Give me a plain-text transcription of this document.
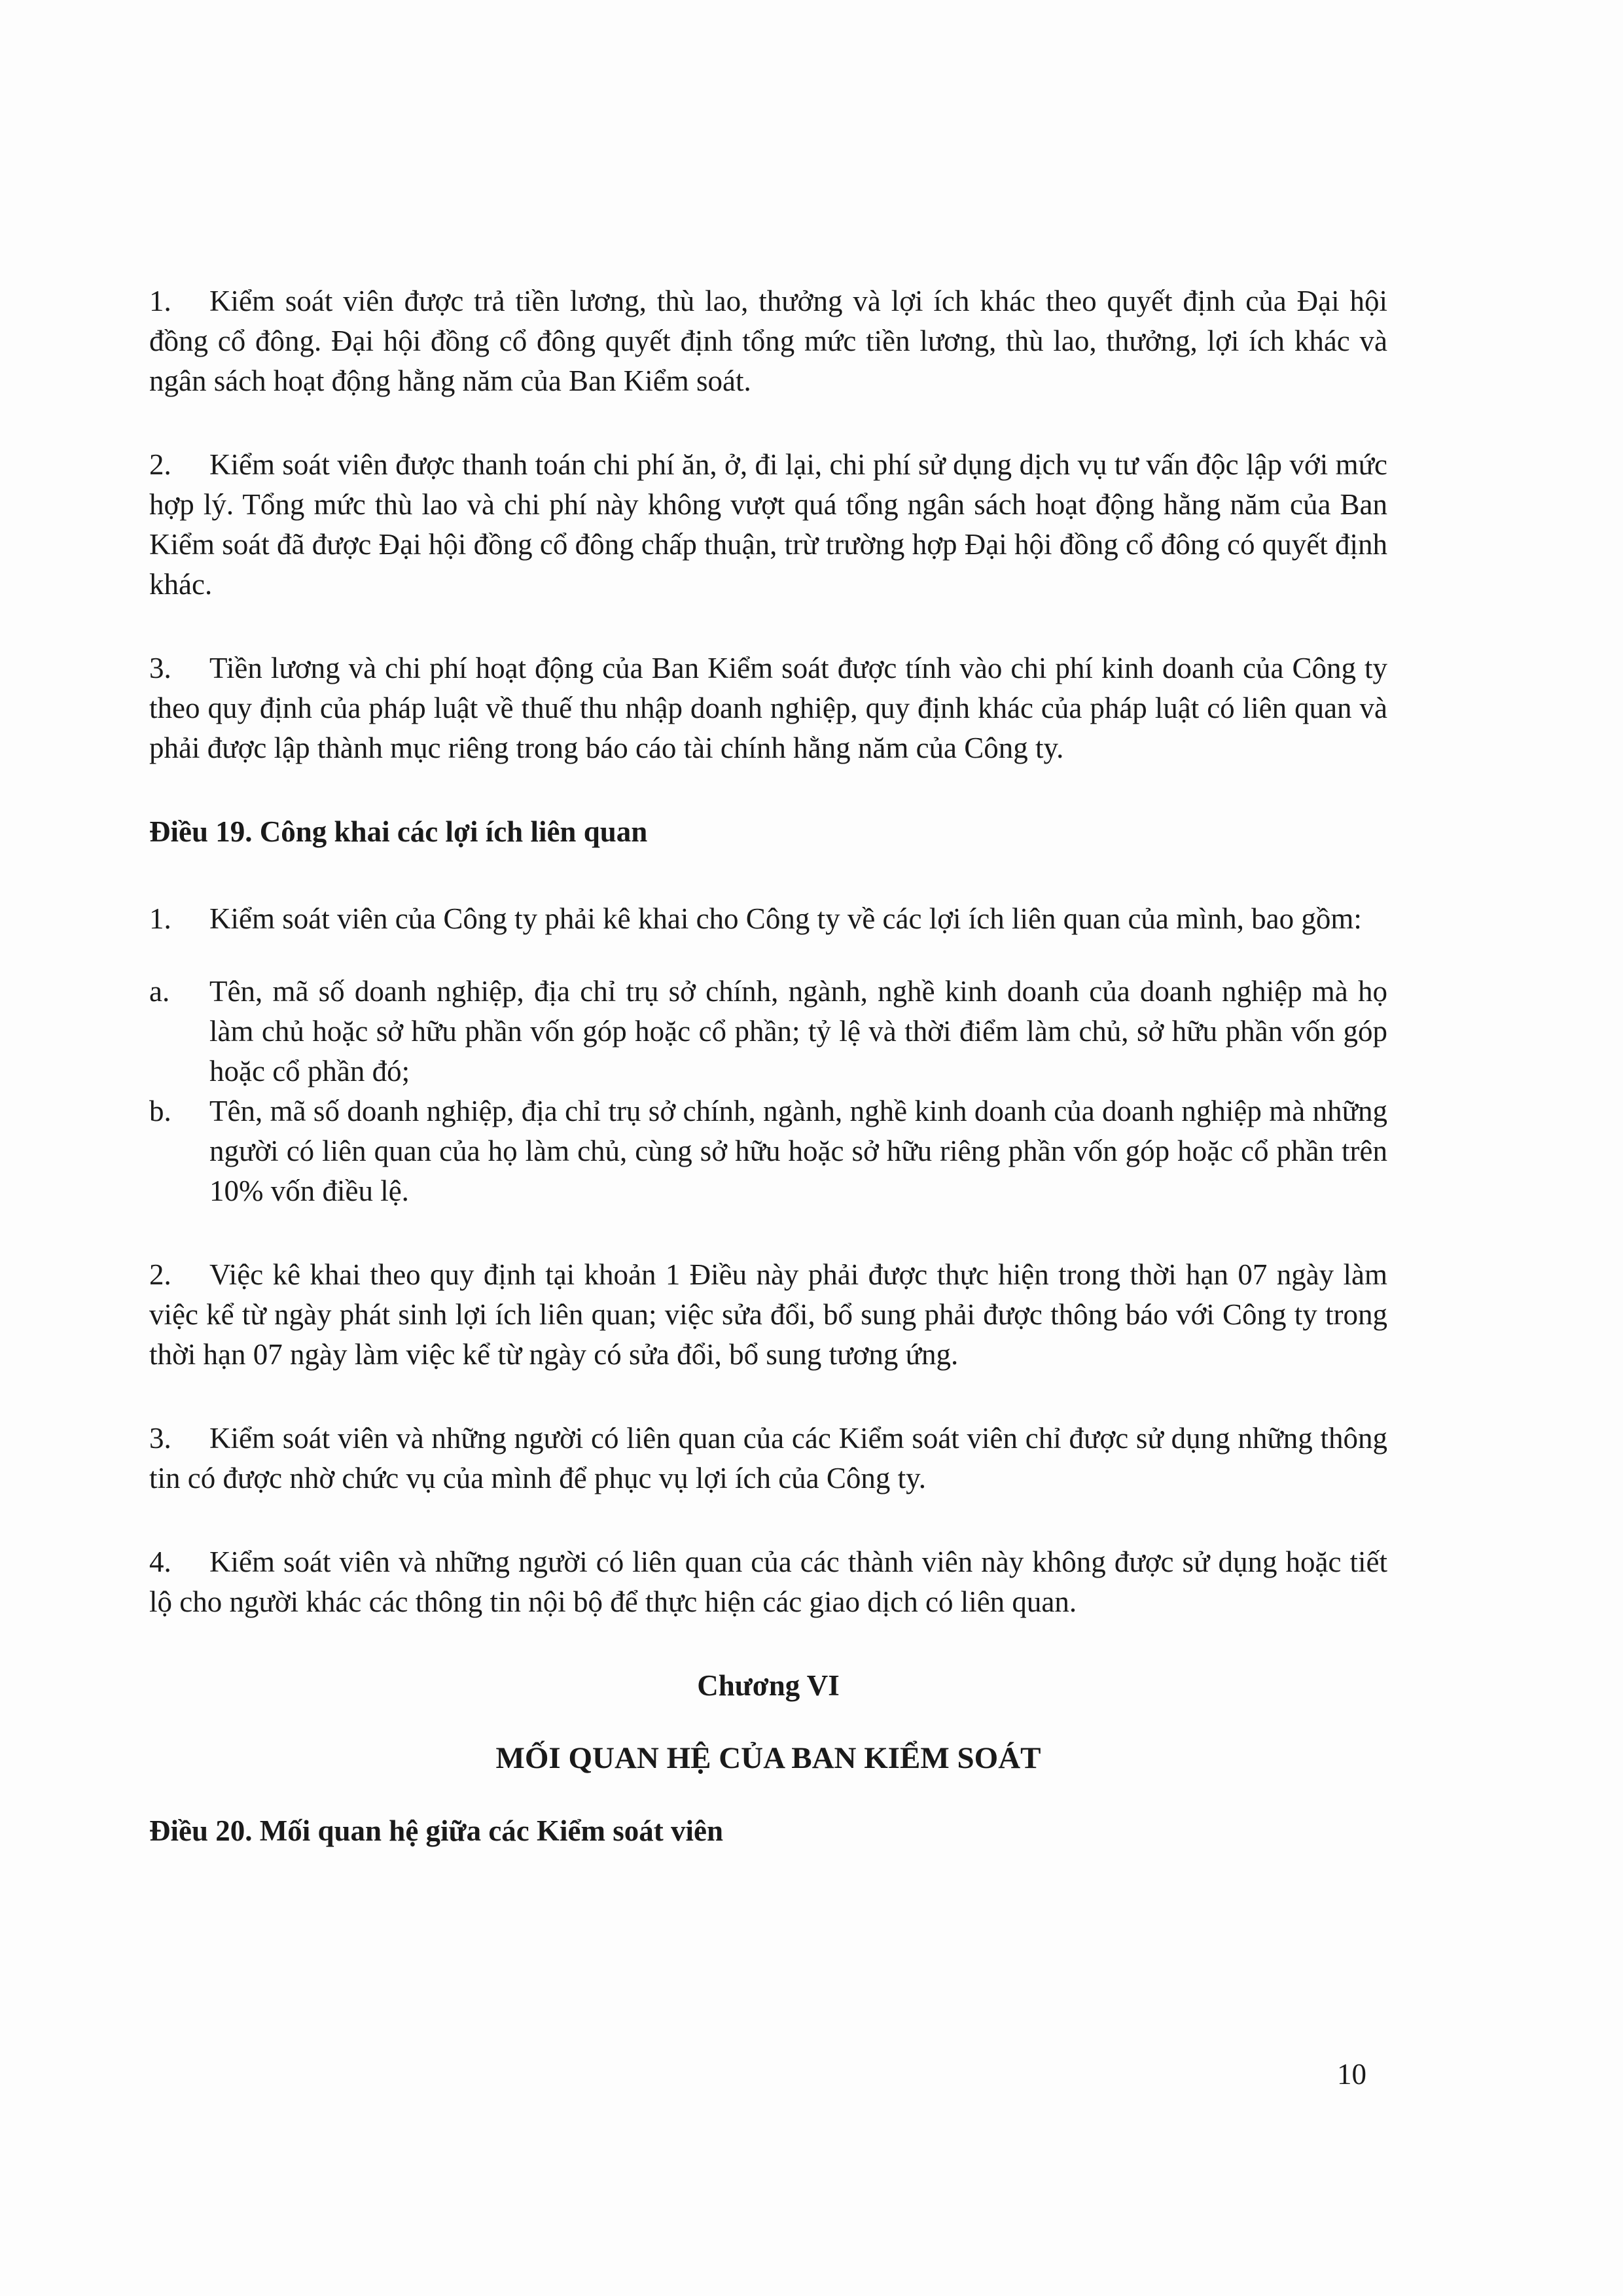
1. Kiểm soát viên được trả tiền lương, thù lao, thưởng và lợi ích khác theo quyết định của Đại hội đồng cổ đông. Đại hội đồng cổ đông quyết định tổng mức tiền lương, thù lao, thưởng, lợi ích khác và ngân sách hoạt động hằng năm của Ban Kiểm soát.

2. Kiểm soát viên được thanh toán chi phí ăn, ở, đi lại, chi phí sử dụng dịch vụ tư vấn độc lập với mức hợp lý. Tổng mức thù lao và chi phí này không vượt quá tổng ngân sách hoạt động hằng năm của Ban Kiểm soát đã được Đại hội đồng cổ đông chấp thuận, trừ trường hợp Đại hội đồng cổ đông có quyết định khác.

3. Tiền lương và chi phí hoạt động của Ban Kiểm soát được tính vào chi phí kinh doanh của Công ty theo quy định của pháp luật về thuế thu nhập doanh nghiệp, quy định khác của pháp luật có liên quan và phải được lập thành mục riêng trong báo cáo tài chính hằng năm của Công ty.

Điều 19. Công khai các lợi ích liên quan

1. Kiểm soát viên của Công ty phải kê khai cho Công ty về các lợi ích liên quan của mình, bao gồm:

a.	Tên, mã số doanh nghiệp, địa chỉ trụ sở chính, ngành, nghề kinh doanh của doanh nghiệp mà họ làm chủ hoặc sở hữu phần vốn góp hoặc cổ phần; tỷ lệ và thời điểm làm chủ, sở hữu phần vốn góp hoặc cổ phần đó;
b.	Tên, mã số doanh nghiệp, địa chỉ trụ sở chính, ngành, nghề kinh doanh của doanh nghiệp mà những người có liên quan của họ làm chủ, cùng sở hữu hoặc sở hữu riêng phần vốn góp hoặc cổ phần trên 10% vốn điều lệ.

2. Việc kê khai theo quy định tại khoản 1 Điều này phải được thực hiện trong thời hạn 07 ngày làm việc kể từ ngày phát sinh lợi ích liên quan; việc sửa đổi, bổ sung phải được thông báo với Công ty trong thời hạn 07 ngày làm việc kể từ ngày có sửa đổi, bổ sung tương ứng.

3. Kiểm soát viên và những người có liên quan của các Kiểm soát viên chỉ được sử dụng những thông tin có được nhờ chức vụ của mình để phục vụ lợi ích của Công ty.

4. Kiểm soát viên và những người có liên quan của các thành viên này không được sử dụng hoặc tiết lộ cho người khác các thông tin nội bộ để thực hiện các giao dịch có liên quan.

Chương VI
MỐI QUAN HỆ CỦA BAN KIỂM SOÁT
Điều 20. Mối quan hệ giữa các Kiểm soát viên
10
